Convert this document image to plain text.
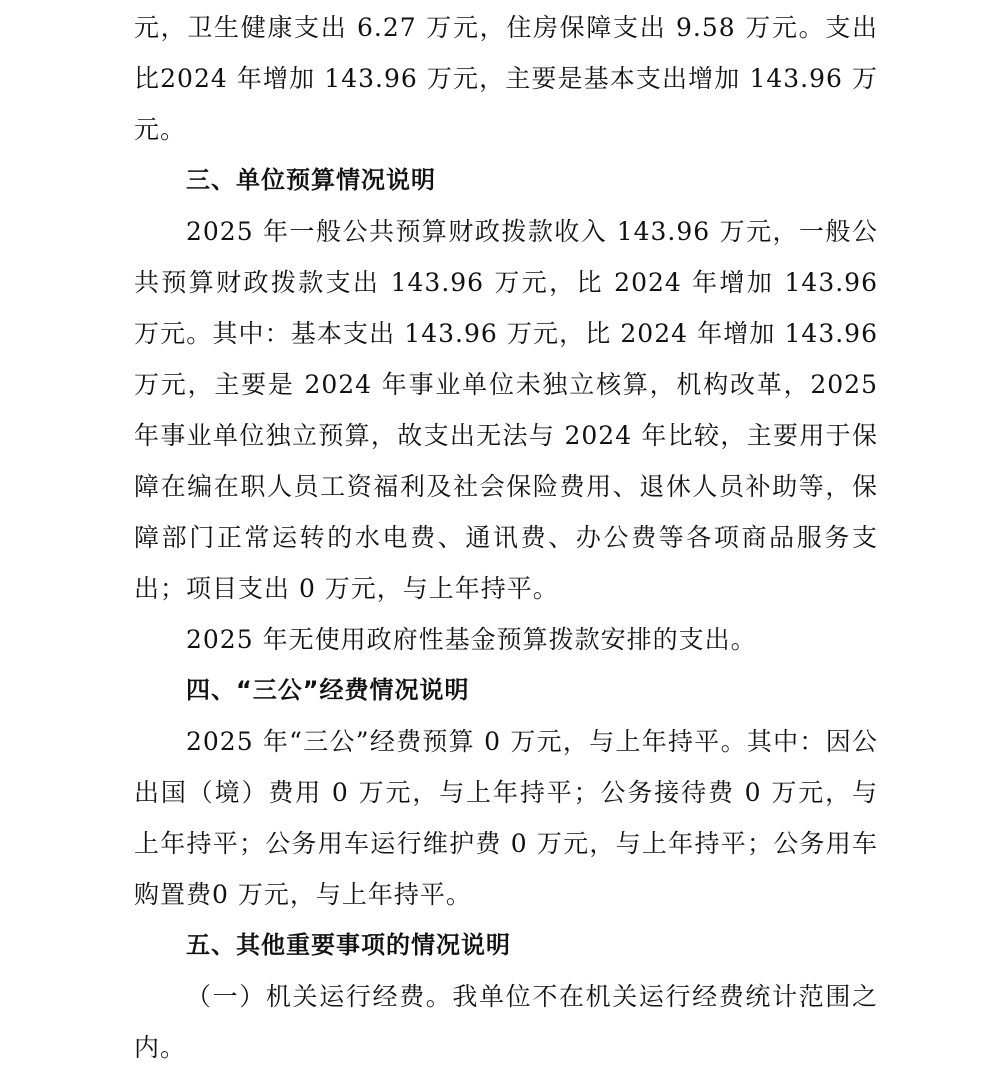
元，卫生健康支出 6.27 万元，住房保障支出 9.58 万元。支出比2024 年增加 143.96 万元，主要是基本支出增加 143.96 万元。

三、单位预算情况说明

2025 年一般公共预算财政拨款收入 143.96 万元，一般公共预算财政拨款支出 143.96 万元，比 2024 年增加 143.96 万元。其中：基本支出 143.96 万元，比 2024 年增加 143.96 万元，主要是 2024 年事业单位未独立核算，机构改革，2025 年事业单位独立预算，故支出无法与 2024 年比较，主要用于保障在编在职人员工资福利及社会保险费用、退休人员补助等，保障部门正常运转的水电费、通讯费、办公费等各项商品服务支出；项目支出 0 万元，与上年持平。

2025 年无使用政府性基金预算拨款安排的支出。

四、“三公”经费情况说明

2025 年“三公”经费预算 0 万元，与上年持平。其中：因公出国（境）费用 0 万元，与上年持平；公务接待费 0 万元，与上年持平；公务用车运行维护费 0 万元，与上年持平；公务用车购置费0 万元，与上年持平。

五、其他重要事项的情况说明

（一）机关运行经费。我单位不在机关运行经费统计范围之内。
